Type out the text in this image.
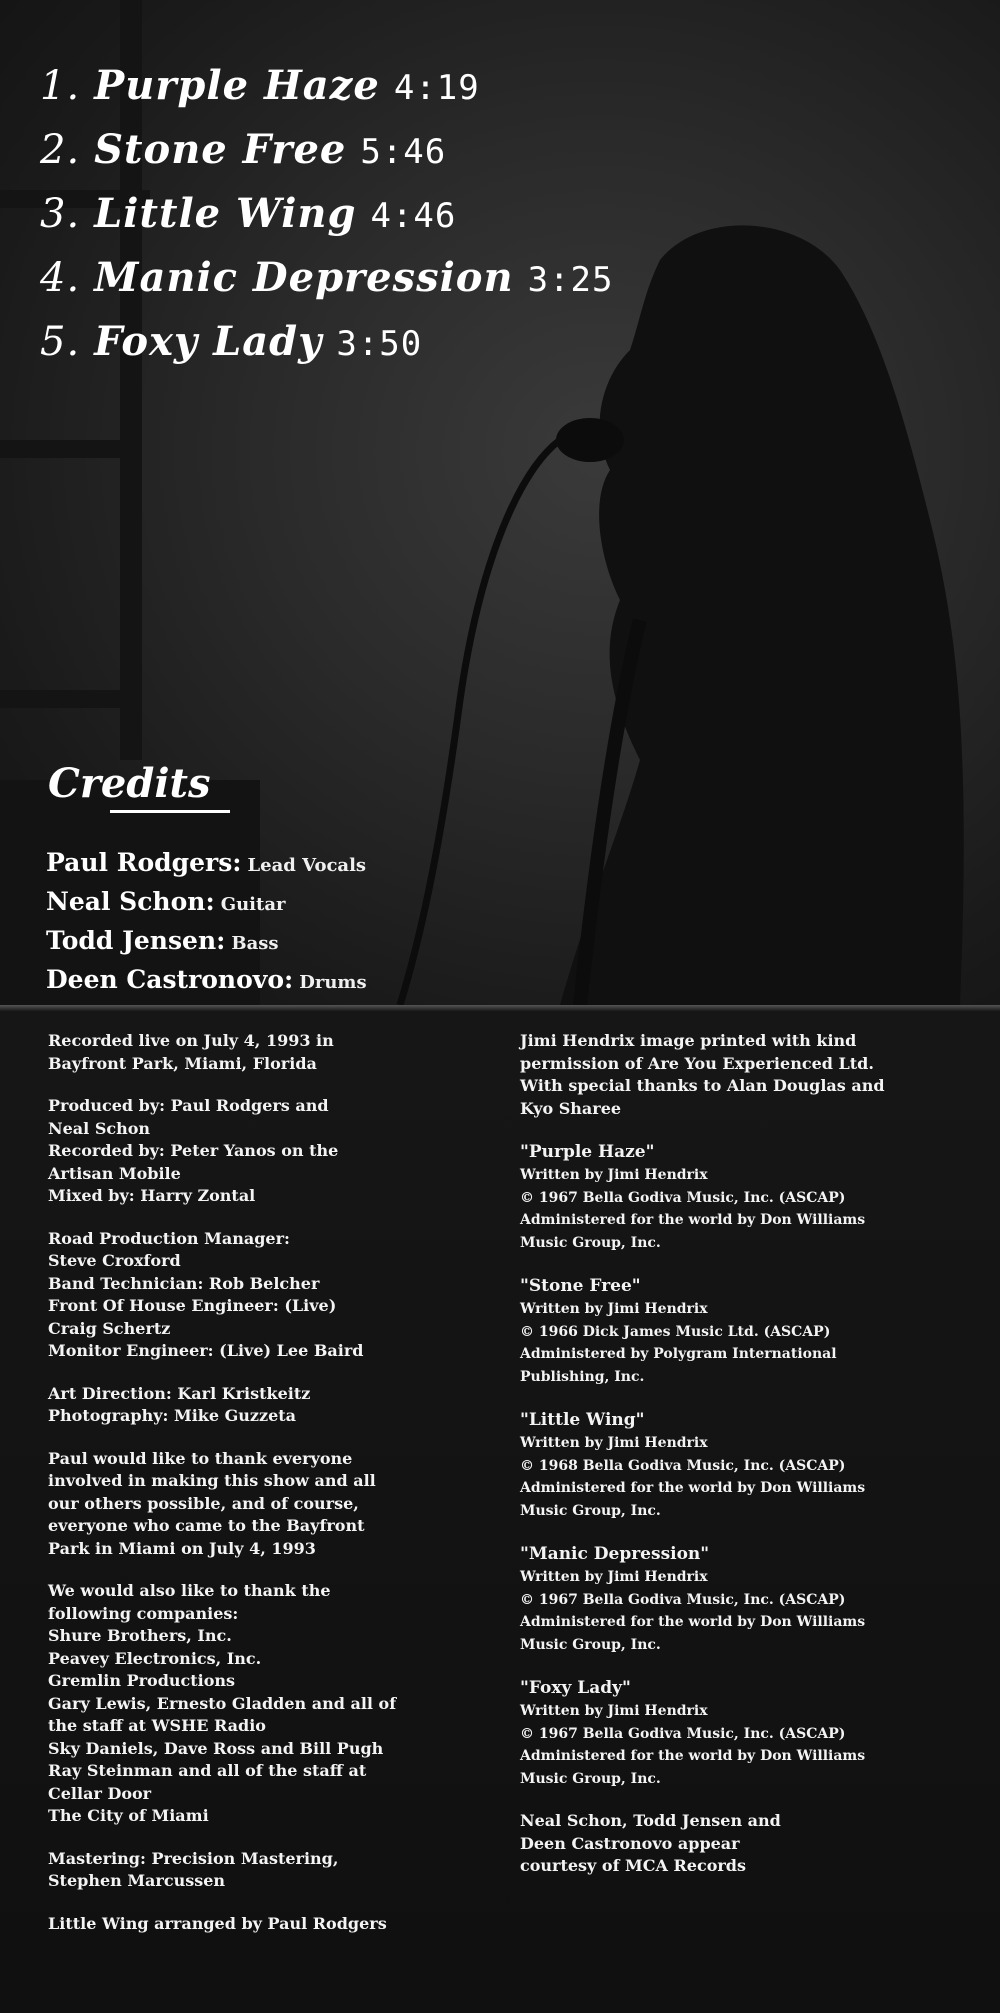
1. Purple Haze 4:19
2. Stone Free 5:46
3. Little Wing 4:46
4. Manic Depression 3:25
5. Foxy Lady 3:50
Credits
Paul Rodgers: Lead Vocals
Neal Schon: Guitar
Todd Jensen: Bass
Deen Castronovo: Drums
Recorded live on July 4, 1993 in
Bayfront Park, Miami, Florida
Produced by: Paul Rodgers and
Neal Schon
Recorded by: Peter Yanos on the
Artisan Mobile
Mixed by: Harry Zontal
Road Production Manager:
Steve Croxford
Band Technician: Rob Belcher
Front Of House Engineer: (Live)
Craig Schertz
Monitor Engineer: (Live) Lee Baird
Art Direction: Karl Kristkeitz
Photography: Mike Guzzeta
Paul would like to thank everyone
involved in making this show and all
our others possible, and of course,
everyone who came to the Bayfront
Park in Miami on July 4, 1993
We would also like to thank the
following companies:
Shure Brothers, Inc.
Peavey Electronics, Inc.
Gremlin Productions
Gary Lewis, Ernesto Gladden and all of
the staff at WSHE Radio
Sky Daniels, Dave Ross and Bill Pugh
Ray Steinman and all of the staff at
Cellar Door
The City of Miami
Mastering: Precision Mastering,
Stephen Marcussen
Little Wing arranged by Paul Rodgers
Jimi Hendrix image printed with kind
permission of Are You Experienced Ltd.
With special thanks to Alan Douglas and
Kyo Sharee
"Purple Haze"
Written by Jimi Hendrix
© 1967 Bella Godiva Music, Inc. (ASCAP)
Administered for the world by Don Williams
Music Group, Inc.
"Stone Free"
Written by Jimi Hendrix
© 1966 Dick James Music Ltd. (ASCAP)
Administered by Polygram International
Publishing, Inc.
"Little Wing"
Written by Jimi Hendrix
© 1968 Bella Godiva Music, Inc. (ASCAP)
Administered for the world by Don Williams
Music Group, Inc.
"Manic Depression"
Written by Jimi Hendrix
© 1967 Bella Godiva Music, Inc. (ASCAP)
Administered for the world by Don Williams
Music Group, Inc.
"Foxy Lady"
Written by Jimi Hendrix
© 1967 Bella Godiva Music, Inc. (ASCAP)
Administered for the world by Don Williams
Music Group, Inc.
Neal Schon, Todd Jensen and
Deen Castronovo appear
courtesy of MCA Records
